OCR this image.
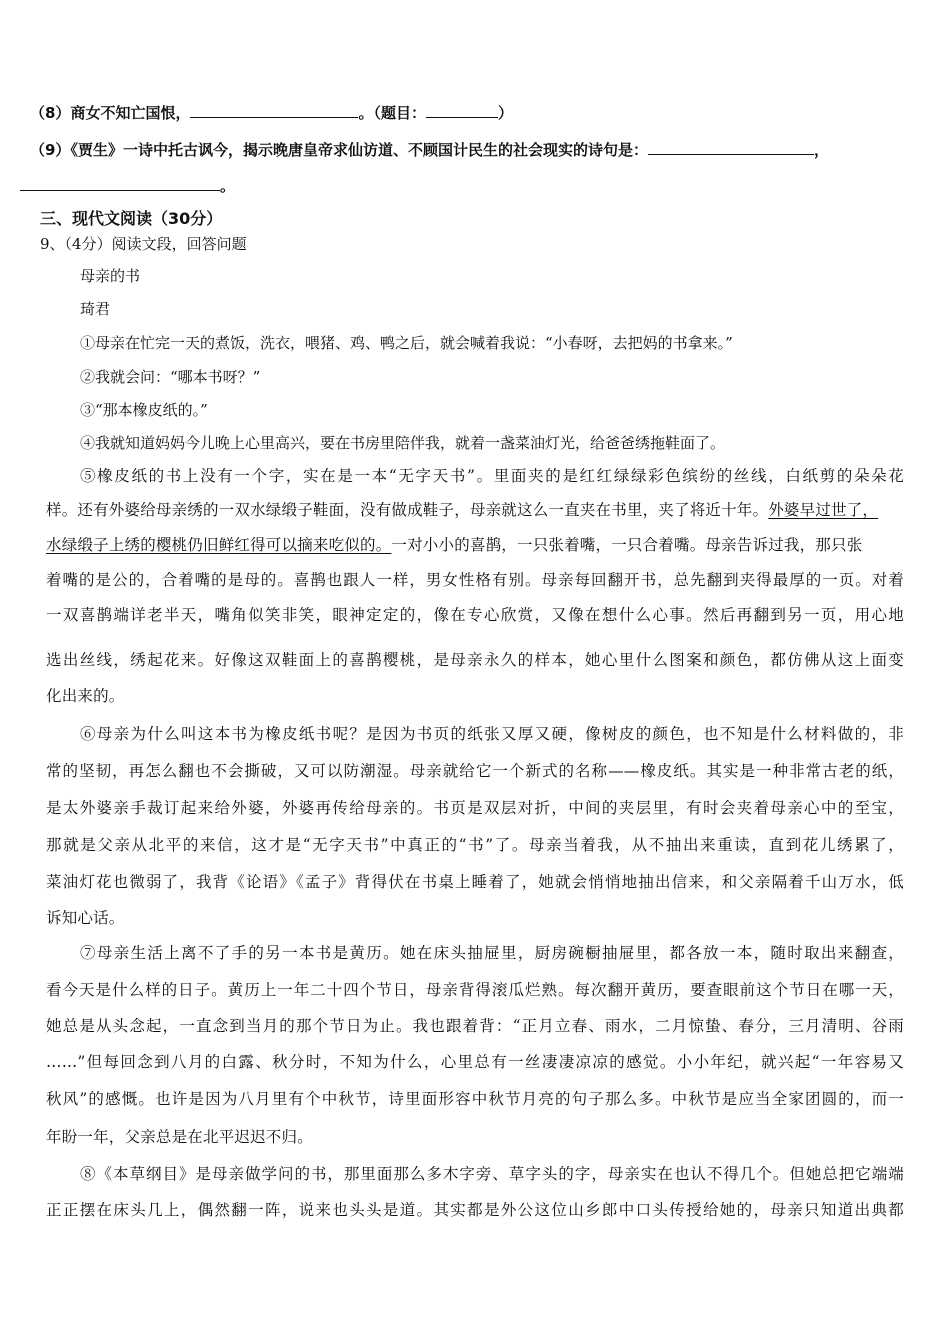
（8）商女不知亡国恨，	。（题目：	）
（9）《贾生》一诗中托古讽今，揭示晚唐皇帝求仙访道、不顾国计民生的社会现实的诗句是：	，
。
三、现代文阅读（30分）
9、（4分）阅读文段，回答问题
母亲的书
琦君
①母亲在忙完一天的煮饭，洗衣，喂猪、鸡、鸭之后，就会喊着我说：“小春呀，去把妈的书拿来。”
②我就会问：“哪本书呀？”
③“那本橡皮纸的。”
④我就知道妈妈今儿晚上心里高兴，要在书房里陪伴我，就着一盏菜油灯光，给爸爸绣拖鞋面了。
⑤橡皮纸的书上没有一个字，实在是一本“无字天书”。里面夹的是红红绿绿彩色缤纷的丝线，白纸剪的朵朵花
样。还有外婆给母亲绣的一双水绿缎子鞋面，没有做成鞋子，母亲就这么一直夹在书里，夹了将近十年。外婆早过世了，
水绿缎子上绣的樱桃仍旧鲜红得可以摘来吃似的。一对小小的喜鹊，一只张着嘴，一只合着嘴。母亲告诉过我，那只张
着嘴的是公的，合着嘴的是母的。喜鹊也跟人一样，男女性格有别。母亲每回翻开书，总先翻到夹得最厚的一页。对着
一双喜鹊端详老半天，嘴角似笑非笑，眼神定定的，像在专心欣赏，又像在想什么心事。然后再翻到另一页，用心地
选出丝线，绣起花来。好像这双鞋面上的喜鹊樱桃，是母亲永久的样本，她心里什么图案和颜色，都仿佛从这上面变
化出来的。
⑥母亲为什么叫这本书为橡皮纸书呢？是因为书页的纸张又厚又硬，像树皮的颜色，也不知是什么材料做的，非
常的坚韧，再怎么翻也不会撕破，又可以防潮湿。母亲就给它一个新式的名称——橡皮纸。其实是一种非常古老的纸，
是太外婆亲手裁订起来给外婆，外婆再传给母亲的。书页是双层对折，中间的夹层里，有时会夹着母亲心中的至宝，
那就是父亲从北平的来信，这才是“无字天书”中真正的“书”了。母亲当着我，从不抽出来重读，直到花儿绣累了，
菜油灯花也微弱了，我背《论语》《孟子》背得伏在书桌上睡着了，她就会悄悄地抽出信来，和父亲隔着千山万水，低
诉知心话。
⑦母亲生活上离不了手的另一本书是黄历。她在床头抽屉里，厨房碗橱抽屉里，都各放一本，随时取出来翻查，
看今天是什么样的日子。黄历上一年二十四个节日，母亲背得滚瓜烂熟。每次翻开黄历，要查眼前这个节日在哪一天，
她总是从头念起，一直念到当月的那个节日为止。我也跟着背：“正月立春、雨水，二月惊蛰、春分，三月清明、谷雨
……”但每回念到八月的白露、秋分时，不知为什么，心里总有一丝凄凄凉凉的感觉。小小年纪，就兴起“一年容易又
秋风”的感慨。也许是因为八月里有个中秋节，诗里面形容中秋节月亮的句子那么多。中秋节是应当全家团圆的，而一
年盼一年，父亲总是在北平迟迟不归。
⑧《本草纲目》是母亲做学问的书，那里面那么多木字旁、草字头的字，母亲实在也认不得几个。但她总把它端端
正正摆在床头几上，偶然翻一阵，说来也头头是道。其实都是外公这位山乡郎中口头传授给她的，母亲只知道出典都
